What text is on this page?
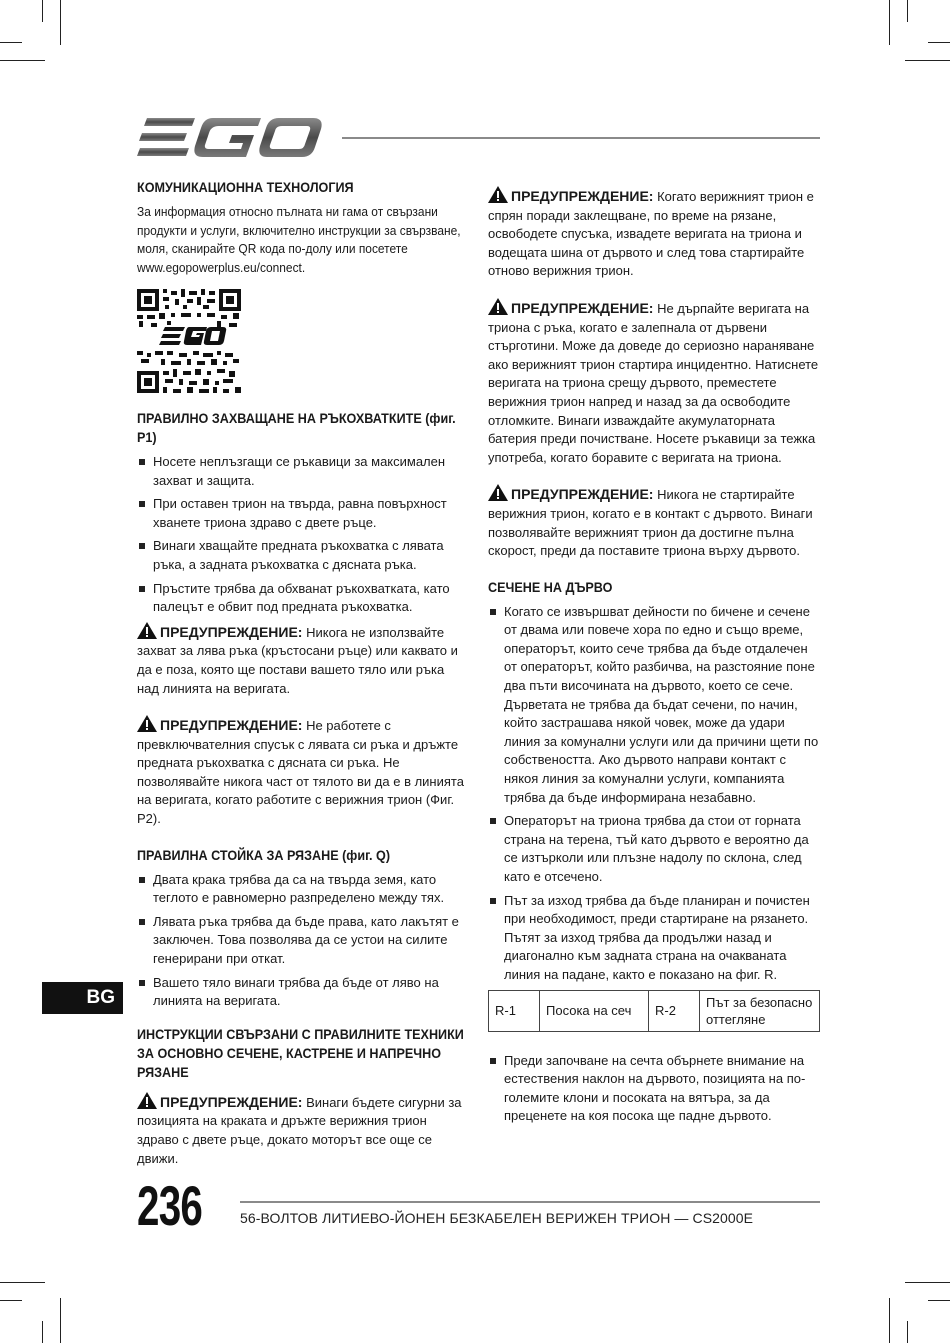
КОМУНИКАЦИОННА ТЕХНОЛОГИЯ

За информация относно пълната ни гама от свързани продукти и услуги, включително инструкции за свързване, моля, сканирайте QR кода по-долу или посетете www.egopowerplus.eu/connect.

ПРАВИЛНО ЗАХВАЩАНЕ НА РЪКОХВАТКИТЕ (фиг. P1)
Носете неплъзгащи се ръкавици за максимален захват и защита.
При оставен трион на твърда, равна повърхност хванете триона здраво с двете ръце.
Винаги хващайте предната ръкохватка с лявата ръка, а задната ръкохватка с дясната ръка.
Пръстите трябва да обхванат ръкохватката, като палецът е обвит под предната ръкохватка.

ПРЕДУПРЕЖДЕНИЕ: Никога не използвайте захват за лява ръка (кръстосани ръце) или каквато и да е поза, която ще постави вашето тяло или ръка над линията на веригата.

ПРЕДУПРЕЖДЕНИЕ: Не работете с превключвателния спусък с лявата си ръка и дръжте предната ръкохватка с дясната си ръка. Не позволявайте никога част от тялото ви да е в линията на веригата, когато работите с верижния трион (Фиг. P2).

ПРАВИЛНА СТОЙКА ЗА РЯЗАНЕ (фиг. Q)
Двата крака трябва да са на твърда земя, като теглото е равномерно разпределено между тях.
Лявата ръка трябва да бъде права, като лакътят е заключен. Това позволява да се устои на силите генерирани при откат.
Вашето тяло винаги трябва да бъде от ляво на линията на веригата.
ИНСТРУКЦИИ СВЪРЗАНИ С ПРАВИЛНИТЕ ТЕХНИКИ ЗА ОСНОВНО СЕЧЕНЕ, КАСТРЕНЕ И НАПРЕЧНО РЯЗАНЕ

ПРЕДУПРЕЖДЕНИЕ: Винаги бъдете сигурни за позицията на краката и дръжте верижния трион здраво с двете ръце, докато моторът все още се движи.

ПРЕДУПРЕЖДЕНИЕ: Когато верижният трион е спрян поради заклещване, по време на рязане, освободете спусъка, извадете веригата на триона и водещата шина от дървото и след това стартирайте отново верижния трион.

ПРЕДУПРЕЖДЕНИЕ: Не дърпайте веригата на триона с ръка, когато е залепнала от дървени стърготини. Може да доведе до сериозно нараняване ако верижният трион стартира инцидентно. Натиснете веригата на триона срещу дървото, преместете верижния трион напред и назад за да освободите отломките. Винаги изваждайте акумулаторната батерия преди почистване. Носете ръкавици за тежка употреба, когато боравите с веригата на триона.

ПРЕДУПРЕЖДЕНИЕ: Никога не стартирайте верижния трион, когато е в контакт с дървото. Винаги позволявайте верижният трион да достигне пълна скорост, преди да поставите триона върху дървото.

СЕЧЕНЕ НА ДЪРВО
Когато се извършват дейности по бичене и сечене от двама или повече хора по едно и също време, операторът, които сече трябва да бъде отдалечен от операторът, който разбичва, на разстояние поне два пъти височината на дървото, което се сече. Дърветата не трябва да бъдат сечени, по начин, който застрашава някой човек, може да удари линия за комунални услуги или да причини щети по собствеността. Ако дървото направи контакт с някоя линия за комунални услуги, компанията трябва да бъде информирана незабавно.
Операторът на триона трябва да стои от горната страна на терена, тъй като дървото е вероятно да се изтърколи или плъзне надолу по склона, след като е отсечено.
Път за изход трябва да бъде планиран и почистен при необходимост, преди стартиране на рязането. Пътят за изход трябва да продължи назад и диагонално към задната страна на очакваната линия на падане, както е показано на фиг. R.
R-1	Посока на сеч	R-2	Път за безопасно оттегляне
Преди започване на сечта обърнете внимание на естествения наклон на дървото, позицията на по-големите клони и посоката на вятъра, за да преценете на коя посока ще падне дървото.
BG
236	56-ВОЛТОВ ЛИТИЕВО-ЙОНЕН БЕЗКАБЕЛЕН ВЕРИЖЕН ТРИОН — CS2000E
